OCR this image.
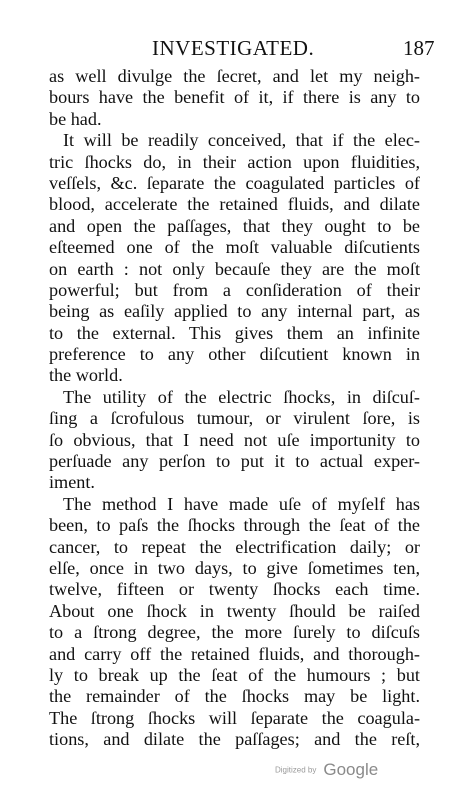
INVESTIGATED.	187
as well divulge the ſecret, and let my neigh-
bours have the benefit of it, if there is any to
be had.
It will be readily conceived, that if the elec-
tric ſhocks do, in their action upon fluidities,
veſſels, &c. ſeparate the coagulated particles of
blood, accelerate the retained fluids, and dilate
and open the paſſages, that they ought to be
eſteemed one of the moſt valuable diſcutients
on earth : not only becauſe they are the moſt
powerful; but from a conſideration of their
being as eaſily applied to any internal part, as
to the external. This gives them an infinite
preference to any other diſcutient known in
the world.
The utility of the electric ſhocks, in diſcuſ-
ſing a ſcrofulous tumour, or virulent ſore, is
ſo obvious, that I need not uſe importunity to
perſuade any perſon to put it to actual exper-
iment.
The method I have made uſe of myſelf has
been, to paſs the ſhocks through the ſeat of the
cancer, to repeat the electrification daily; or
elſe, once in two days, to give ſometimes ten,
twelve, fifteen or twenty ſhocks each time.
About one ſhock in twenty ſhould be raiſed
to a ſtrong degree, the more ſurely to diſcuſs
and carry off the retained fluids, and thorough-
ly to break up the ſeat of the humours ; but
the remainder of the ſhocks may be light.
The ſtrong ſhocks will ſeparate the coagula-
tions, and dilate the paſſages; and the reſt,
Digitized by Google
